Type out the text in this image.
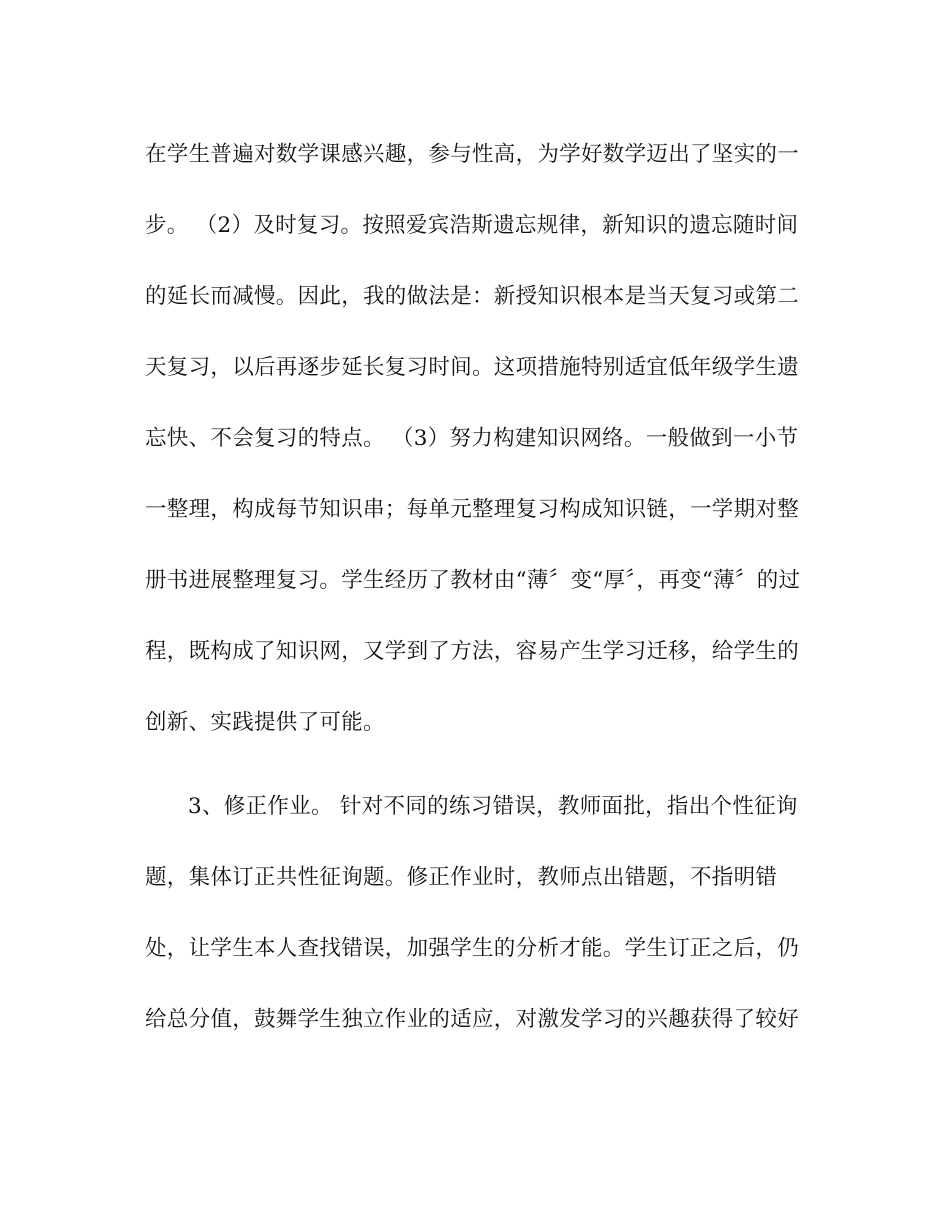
在学生普遍对数学课感兴趣，参与性高，为学好数学迈出了坚实的一

步。 （2）及时复习。按照爱宾浩斯遗忘规律，新知识的遗忘随时间

的延长而减慢。因此，我的做法是：新授知识根本是当天复习或第二

天复习，以后再逐步延长复习时间。这项措施特别适宜低年级学生遗

忘快、不会复习的特点。 （3）努力构建知识网络。一般做到一小节

一整理，构成每节知识串；每单元整理复习构成知识链，一学期对整

册书进展整理复习。学生经历了教材由“薄〞变“厚〞，再变“薄〞的过

程，既构成了知识网，又学到了方法，容易产生学习迁移，给学生的

创新、实践提供了可能。

3、修正作业。 针对不同的练习错误，教师面批，指出个性征询

题，集体订正共性征询题。修正作业时，教师点出错题，不指明错

处，让学生本人查找错误，加强学生的分析才能。学生订正之后，仍

给总分值，鼓舞学生独立作业的适应，对激发学习的兴趣获得了较好
